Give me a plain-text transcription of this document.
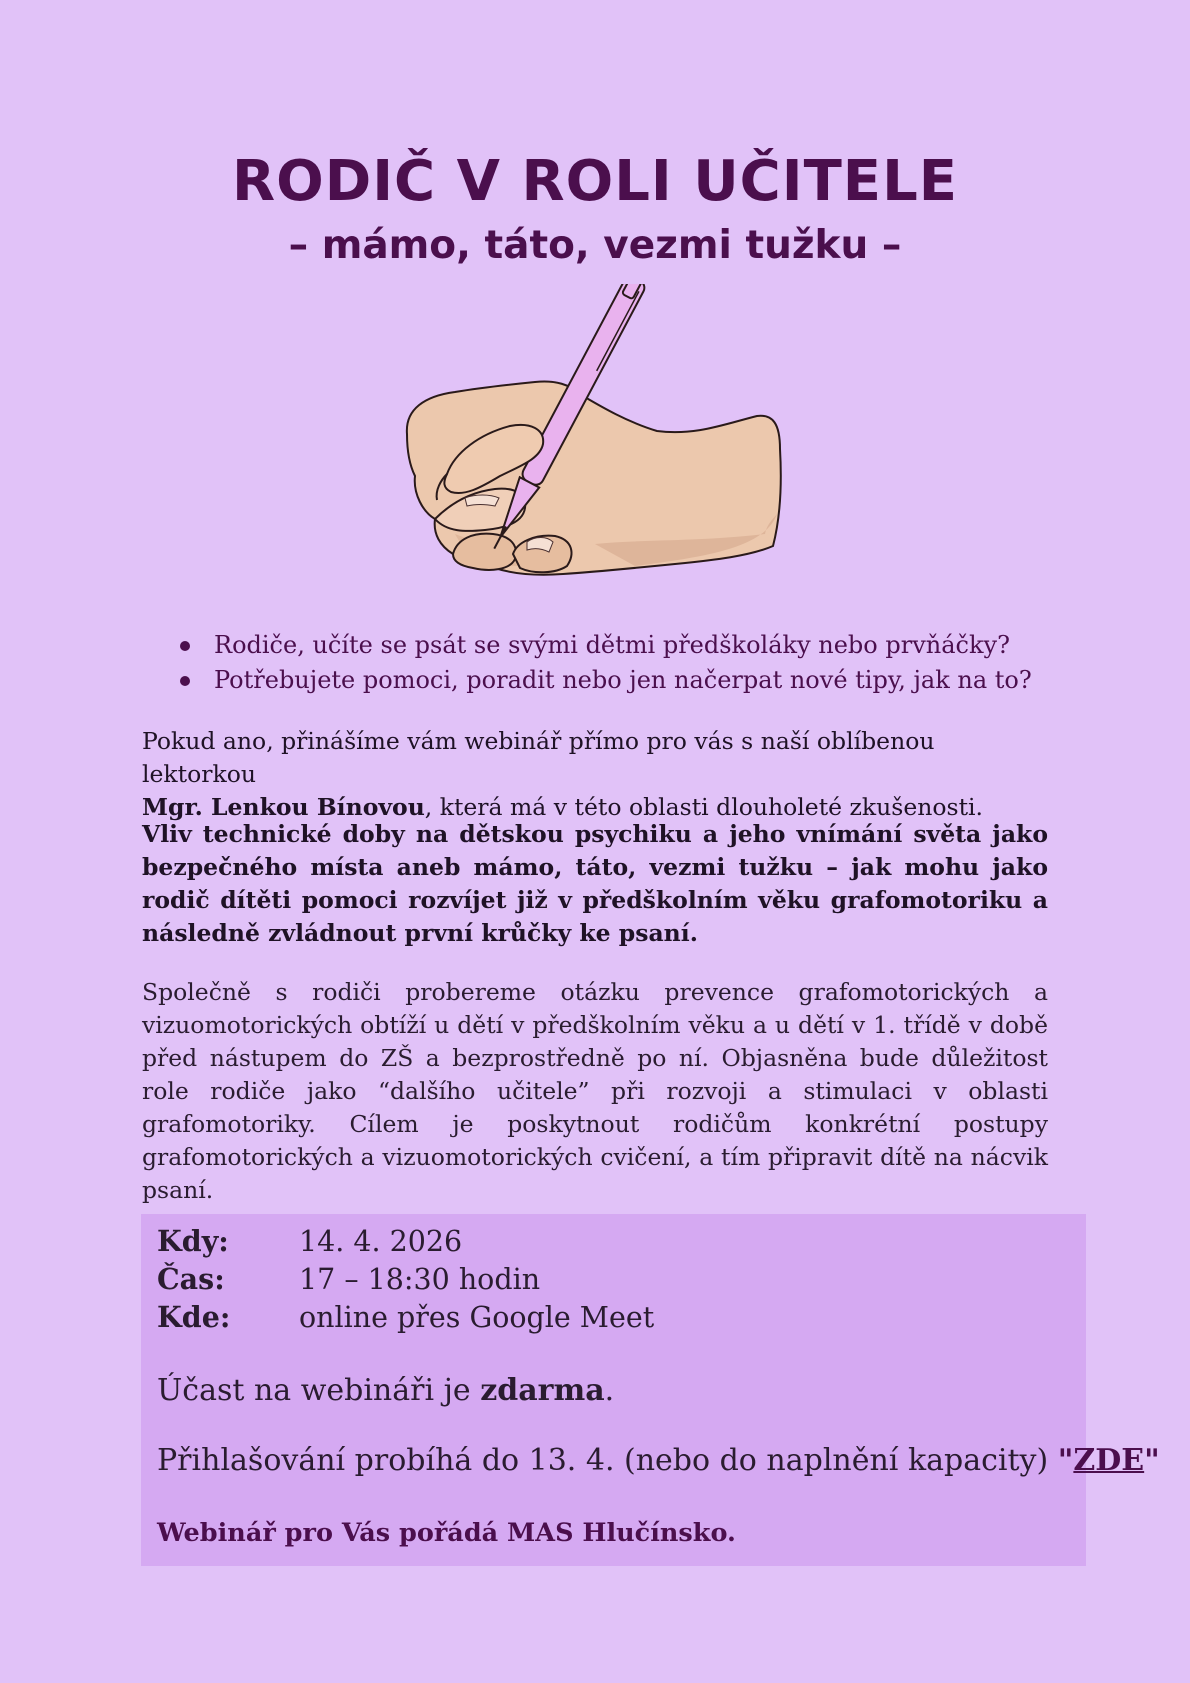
RODIČ V ROLI UČITELE
– mámo, táto, vezmi tužku –
Rodiče, učíte se psát se svými dětmi předškoláky nebo prvňáčky?
Potřebujete pomoci, poradit nebo jen načerpat nové tipy, jak na to?

Pokud ano, přinášíme vám webinář přímo pro vás s naší oblíbenou lektorkou
Mgr. Lenkou Bínovou, která má v této oblasti dlouholeté zkušenosti.

Vliv technické doby na dětskou psychiku a jeho vnímání světa jako bezpečného místa aneb mámo, táto, vezmi tužku – jak mohu jako rodič dítěti pomoci rozvíjet již v předškolním věku grafomotoriku a následně zvládnout první krůčky ke psaní.

Společně s rodiči probereme otázku prevence grafomotorických a vizuomotorických obtíží u dětí v předškolním věku a u dětí v 1. třídě v době před nástupem do ZŠ a bezprostředně po ní. Objasněna bude důležitost role rodiče jako “dalšího učitele” při rozvoji a stimulaci v oblasti grafomotoriky. Cílem je poskytnout rodičům konkrétní postupy grafomotorických a vizuomotorických cvičení, a tím připravit dítě na nácvik psaní.

Kdy: 14. 4. 2026
Čas:	17 – 18:30 hodin
Kde: online přes Google Meet
Účast na webináři je zdarma.
Přihlašování probíhá do 13. 4. (nebo do naplnění kapacity) "ZDE"
Webinář pro Vás pořádá MAS Hlučínsko.
